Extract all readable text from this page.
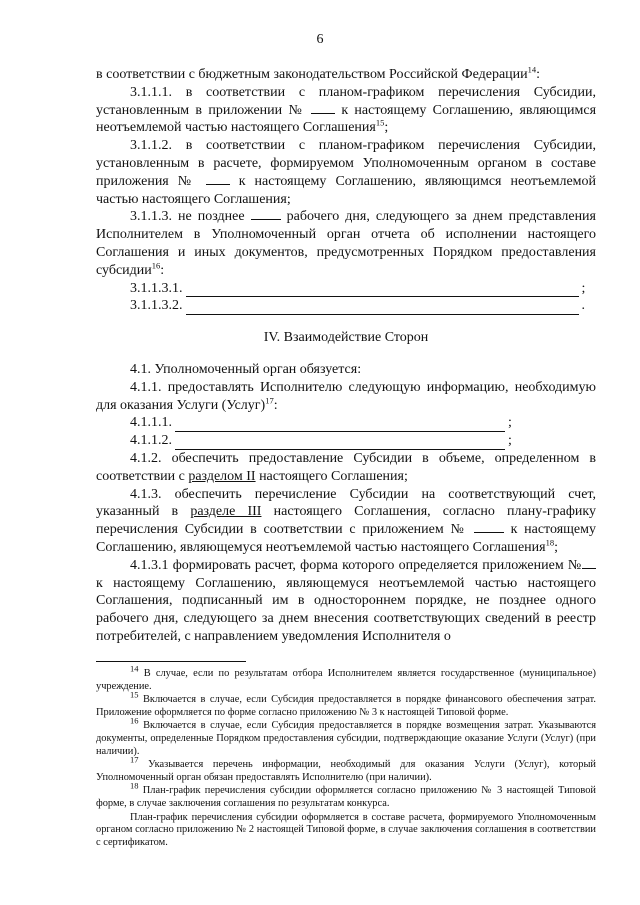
6

в соответствии с бюджетным законодательством Российской Федерации$^{14}$:

3.1.1.1. в соответствии с планом-графиком перечисления Субсидии, установленным в приложении №	к настоящему Соглашению, являющимся неотъемлемой частью настоящего Соглашения$^{15}$;

3.1.1.2. в соответствии с планом-графиком перечисления Субсидии, установленным в расчете, формируемом Уполномоченным органом в составе приложения №	к настоящему Соглашению, являющимся неотъемлемой частью настоящего Соглашения;

3.1.1.3. не позднее	рабочего дня, следующего за днем представления Исполнителем в Уполномоченный орган отчета об исполнении настоящего Соглашения и иных документов, предусмотренных Порядком предоставления субсидии$^{16}$:

3.1.1.3.1.	;
3.1.1.3.2.	.
IV. Взаимодействие Сторон

4.1. Уполномоченный орган обязуется:

4.1.1. предоставлять Исполнителю следующую информацию, необходимую для оказания Услуги (Услуг)$^{17}$:

4.1.1.1.	;
4.1.1.2.	;

4.1.2. обеспечить предоставление Субсидии в объеме, определенном в соответствии с разделом II настоящего Соглашения;

4.1.3. обеспечить перечисление Субсидии на соответствующий счет, указанный в разделе III настоящего Соглашения, согласно плану-графику перечисления Субсидии в соответствии с приложением №	к настоящему Соглашению, являющемуся неотъемлемой частью настоящего Соглашения$^{18}$;

4.1.3.1 формировать расчет, форма которого определяется приложением № к настоящему Соглашению, являющемуся неотъемлемой частью настоящего Соглашения, подписанный им в одностороннем порядке, не позднее одного рабочего дня, следующего за днем внесения соответствующих сведений в реестр потребителей, с направлением уведомления Исполнителя о

$^{14}$ В случае, если по результатам отбора Исполнителем является государственное (муниципальное) учреждение.

$^{15}$ Включается в случае, если Субсидия предоставляется в порядке финансового обеспечения затрат. Приложение оформляется по форме согласно приложению № 3 к настоящей Типовой форме.

$^{16}$ Включается в случае, если Субсидия предоставляется в порядке возмещения затрат. Указываются документы, определенные Порядком предоставления субсидии, подтверждающие оказание Услуги (Услуг) (при наличии).

$^{17}$ Указывается перечень информации, необходимый для оказания Услуги (Услуг), который Уполномоченный орган обязан предоставлять Исполнителю (при наличии).

$^{18}$ План-график перечисления субсидии оформляется согласно приложению № 3 настоящей Типовой форме, в случае заключения соглашения по результатам конкурса.

План-график перечисления субсидии оформляется в составе расчета, формируемого Уполномоченным органом согласно приложению № 2 настоящей Типовой форме, в случае заключения соглашения в соответствии с сертификатом.
